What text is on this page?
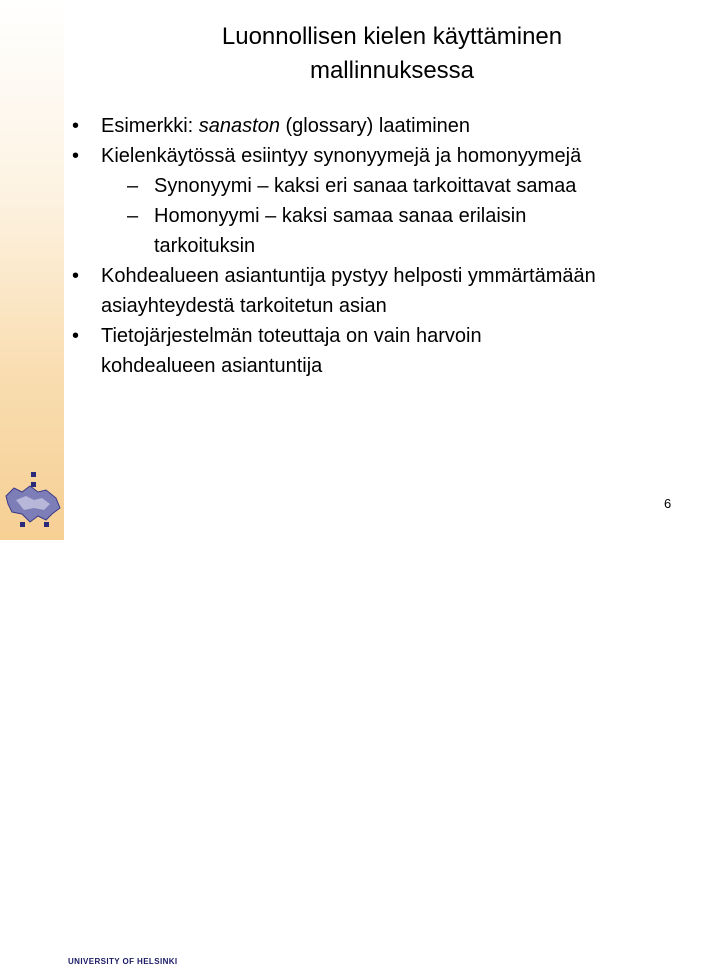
Luonnollisen kielen käyttäminen
mallinnuksessa
• Esimerkki: sanaston (glossary) laatiminen
• Kielenkäytössä esiintyy synonyymejä ja homonyymejä
– Synonyymi – kaksi eri sanaa tarkoittavat samaa
– Homonyymi – kaksi samaa sanaa erilaisin tarkoituksin
• Kohdealueen asiantuntija pystyy helposti ymmärtämään asiayhteydestä tarkoitetun asian
• Tietojärjestelmän toteuttaja on vain harvoin kohdealueen asiantuntija
UNIVERSITY OF HELSINKI
6
